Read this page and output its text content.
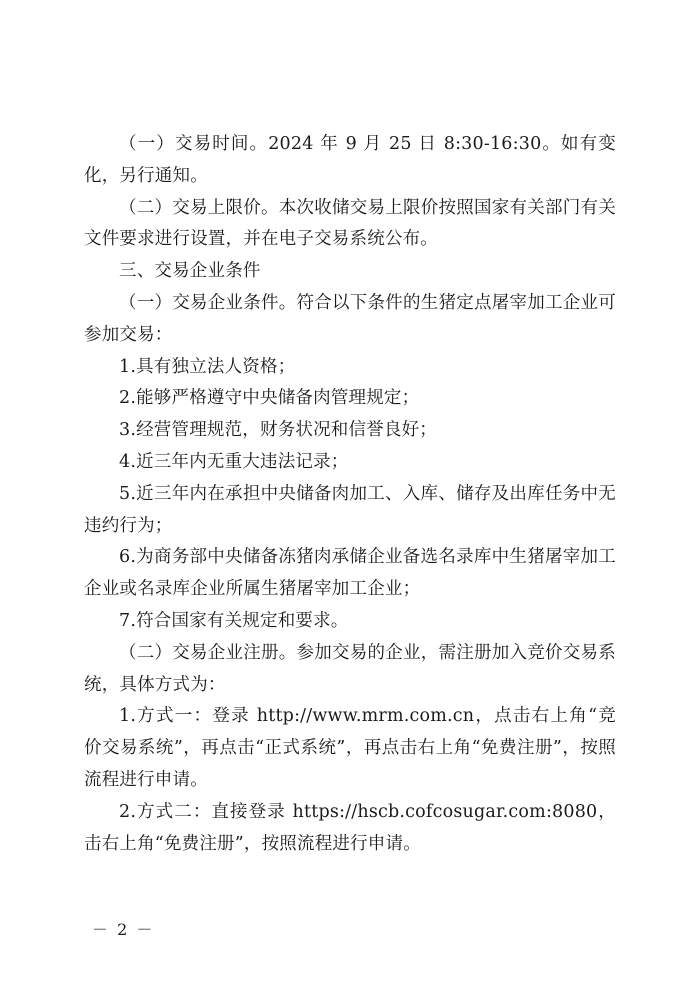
（一）交易时间。2024 年 9 月 25 日 8:30-16:30。如有变化，另行通知。

（二）交易上限价。本次收储交易上限价按照国家有关部门有关文件要求进行设置，并在电子交易系统公布。

三、交易企业条件

（一）交易企业条件。符合以下条件的生猪定点屠宰加工企业可参加交易：

1.具有独立法人资格；

2.能够严格遵守中央储备肉管理规定；

3.经营管理规范，财务状况和信誉良好；

4.近三年内无重大违法记录；

5.近三年内在承担中央储备肉加工、入库、储存及出库任务中无违约行为；

6.为商务部中央储备冻猪肉承储企业备选名录库中生猪屠宰加工企业或名录库企业所属生猪屠宰加工企业；

7.符合国家有关规定和要求。

（二）交易企业注册。参加交易的企业，需注册加入竞价交易系统，具体方式为：

1.方式一：登录 http://www.mrm.com.cn，点击右上角“竞价交易系统”，再点击“正式系统”，再点击右上角“免费注册”，按照流程进行申请。

2.方式二：直接登录 https://hscb.cofcosugar.com:8080，击右上角“免费注册”，按照流程进行申请。

－ 2 －
